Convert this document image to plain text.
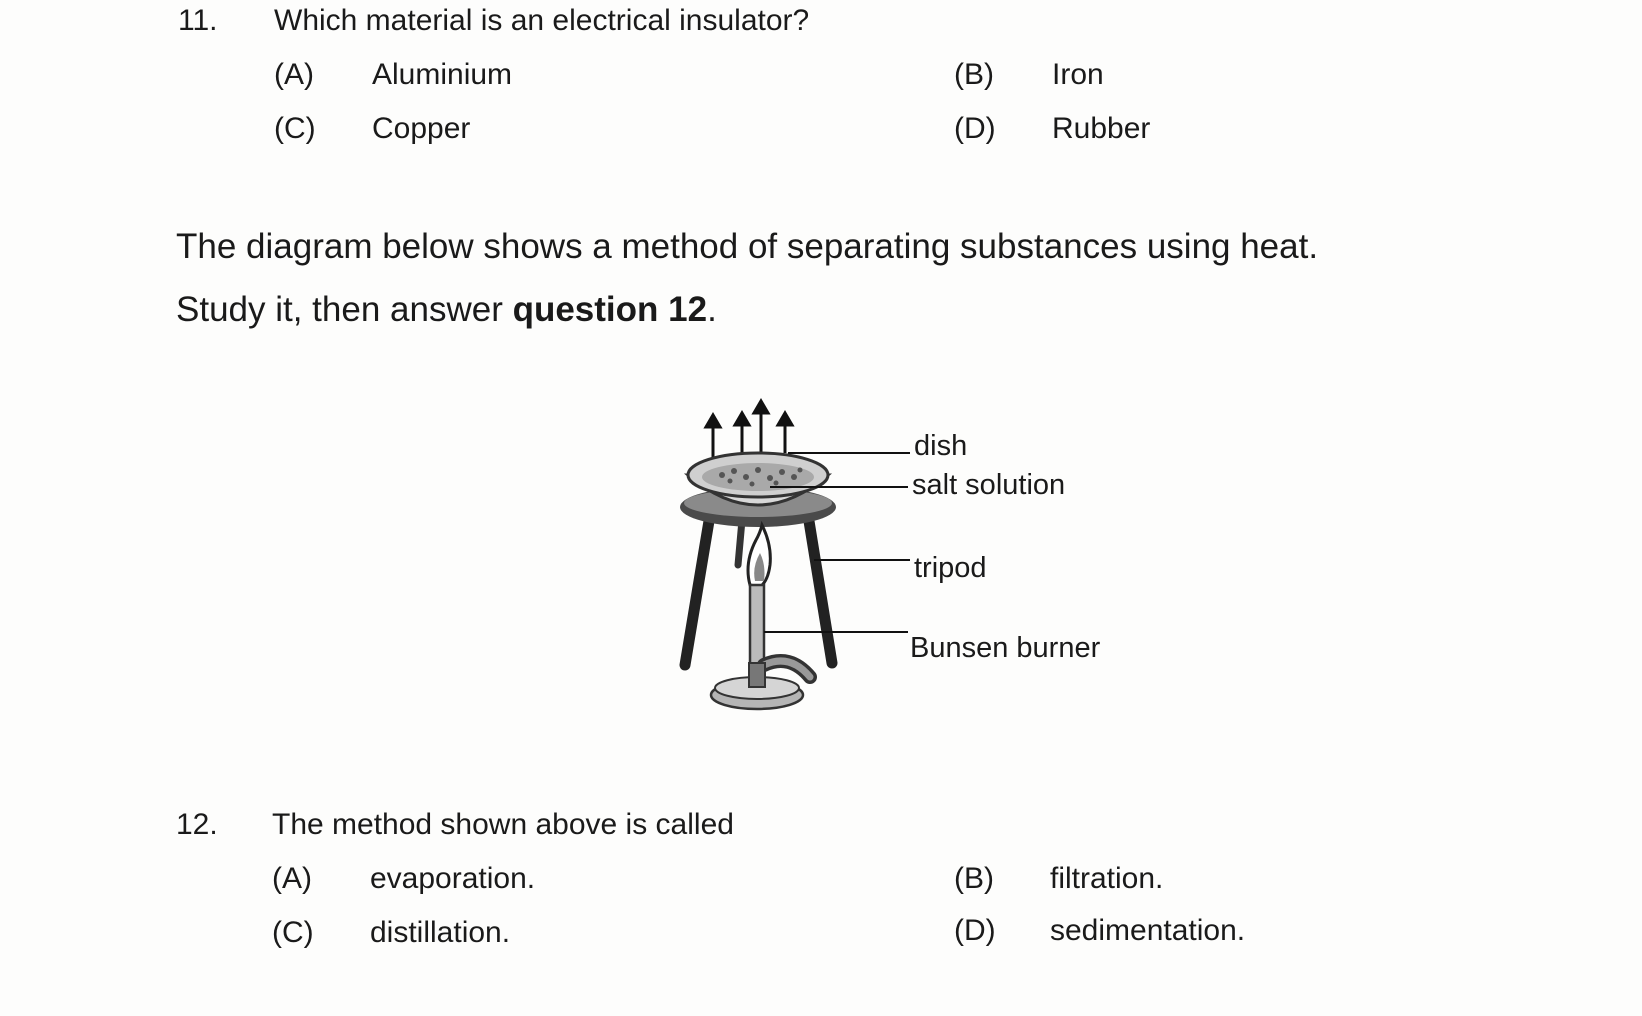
11. Which material is an electrical insulator?
(A) Aluminium	(B) Iron
(C) Copper	(D) Rubber
The diagram below shows a method of separating substances using heat.
Study it, then answer question 12.
dish
salt solution
tripod
Bunsen burner
12. The method shown above is called
(A) evaporation.	(B) filtration.
(C) distillation.	(D) sedimentation.
